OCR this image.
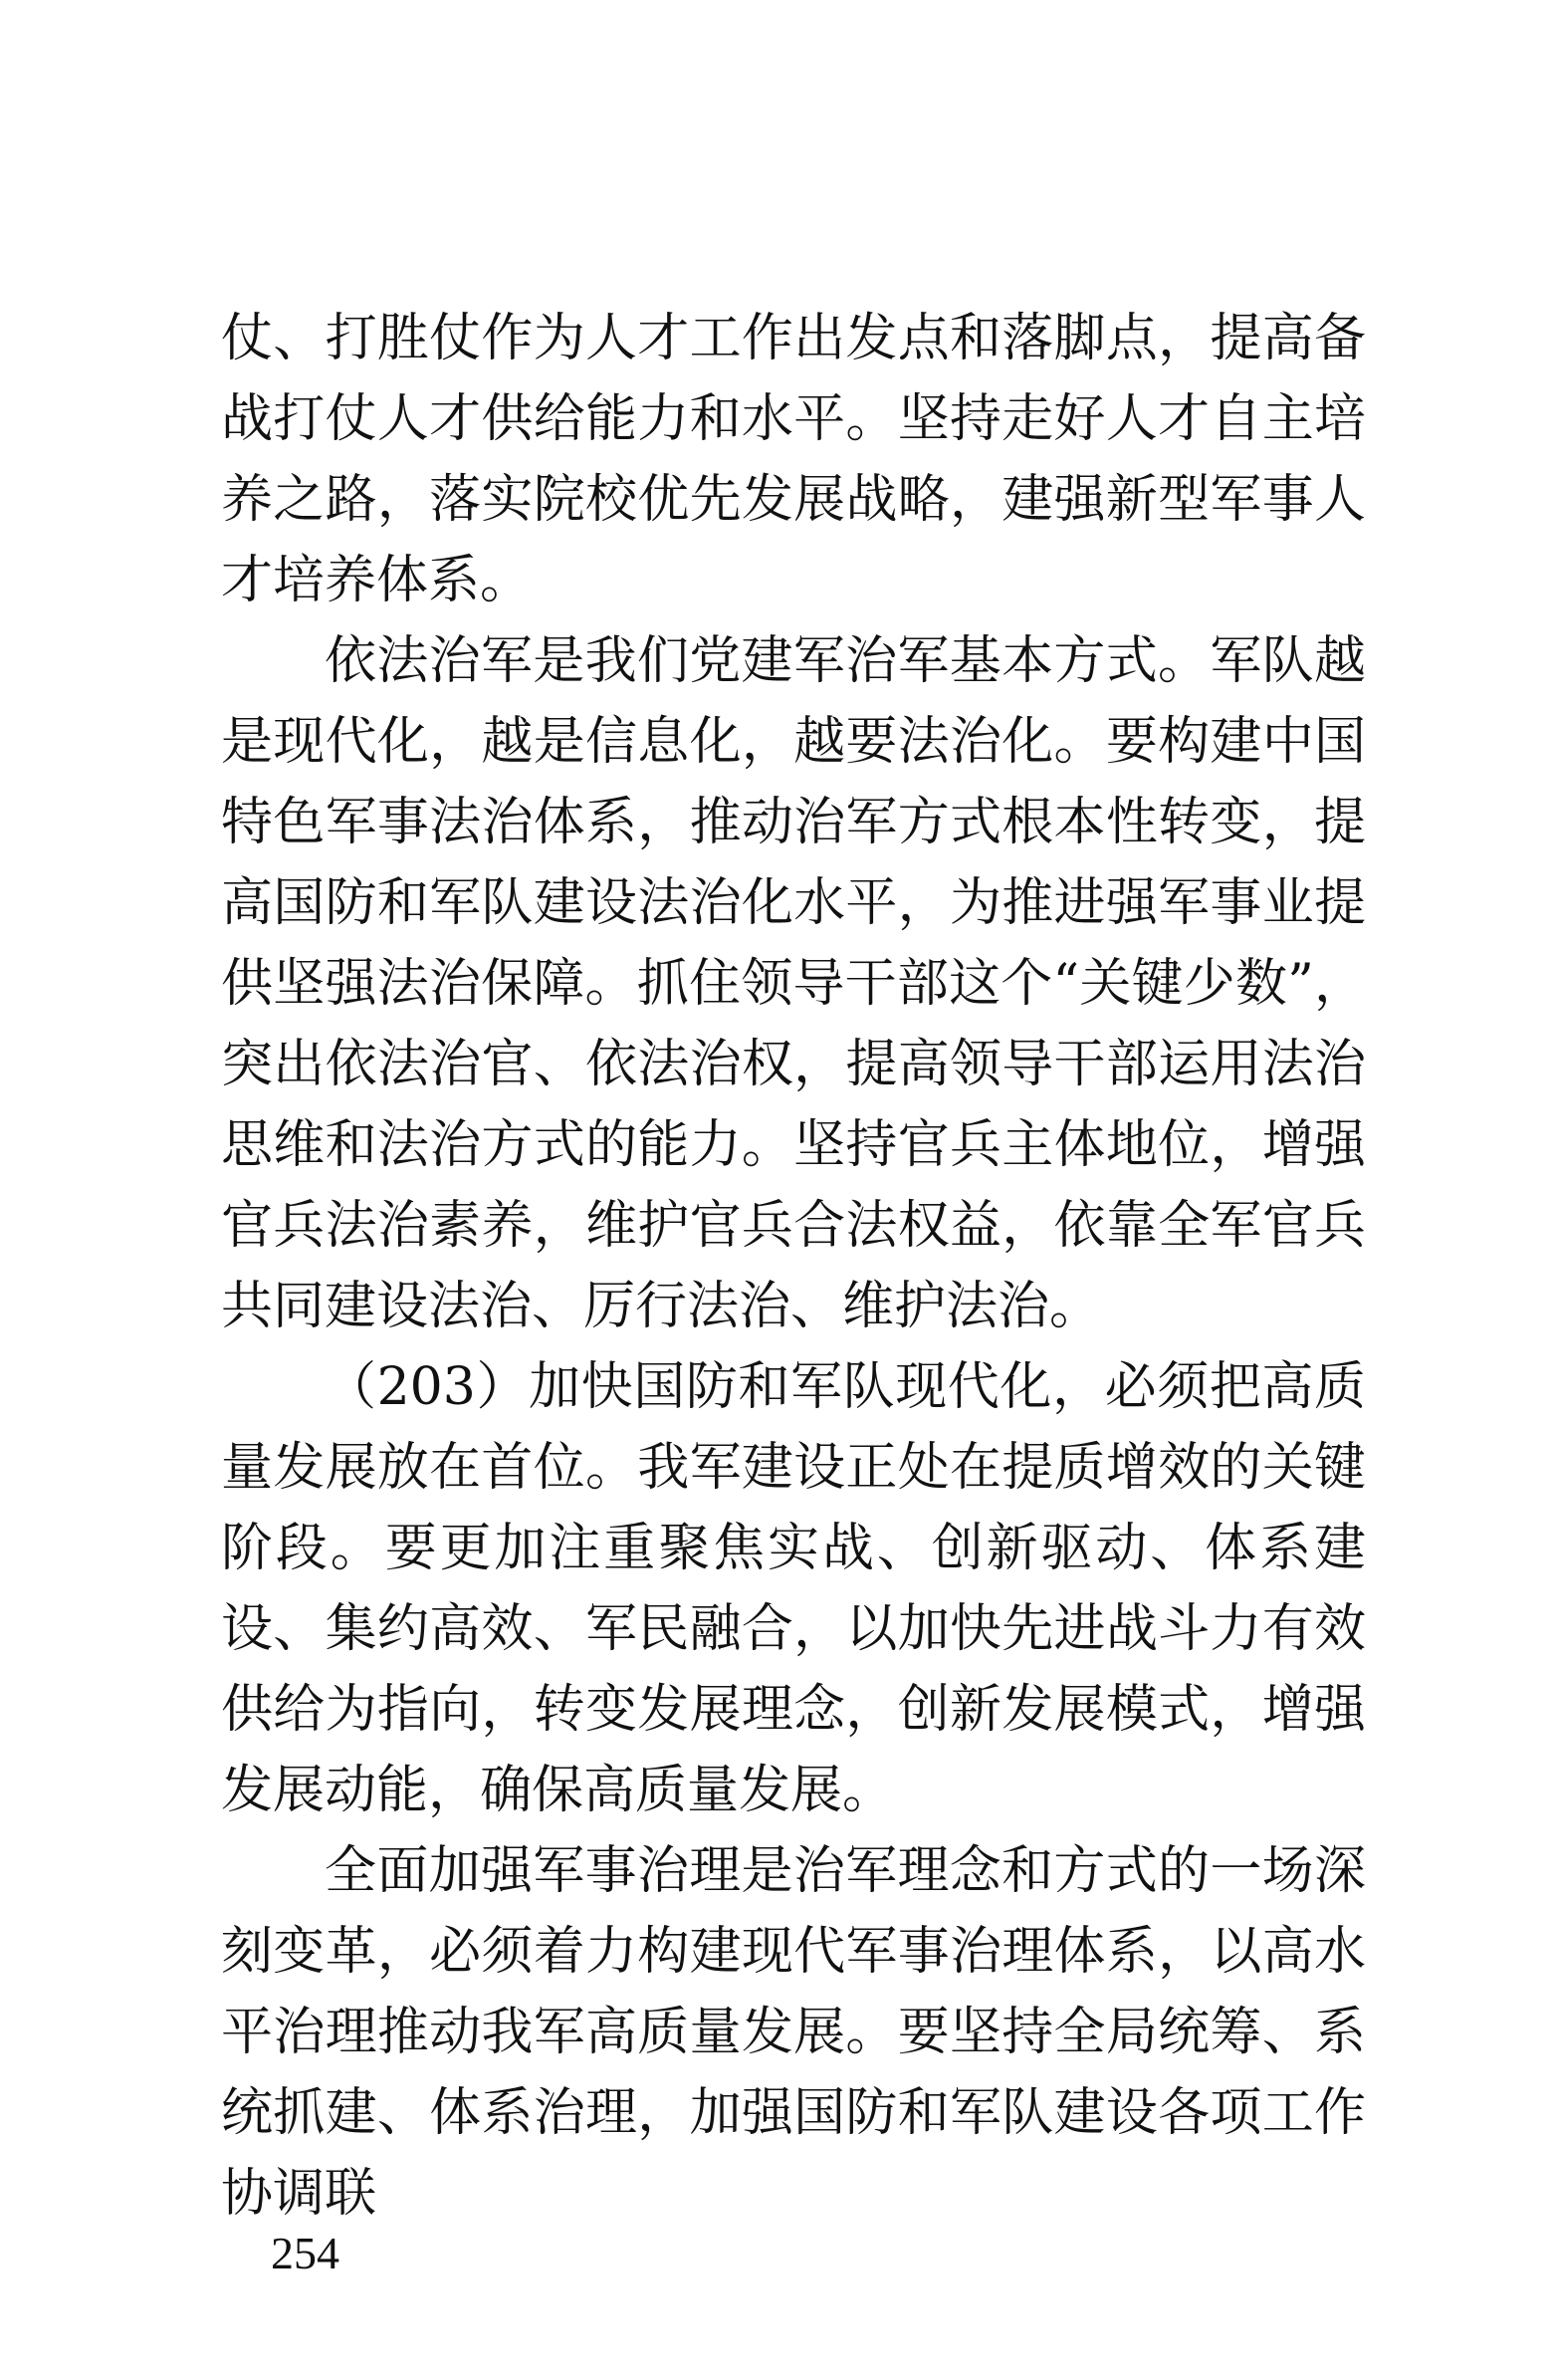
仗、打胜仗作为人才工作出发点和落脚点，提高备战打仗人才供给能力和水平。坚持走好人才自主培养之路，落实院校优先发展战略，建强新型军事人才培养体系。

依法治军是我们党建军治军基本方式。军队越是现代化，越是信息化，越要法治化。要构建中国特色军事法治体系，推动治军方式根本性转变，提高国防和军队建设法治化水平，为推进强军事业提供坚强法治保障。抓住领导干部这个“关键少数”，突出依法治官、依法治权，提高领导干部运用法治思维和法治方式的能力。坚持官兵主体地位，增强官兵法治素养，维护官兵合法权益，依靠全军官兵共同建设法治、厉行法治、维护法治。

（203）加快国防和军队现代化，必须把高质量发展放在首位。我军建设正处在提质增效的关键阶段。要更加注重聚焦实战、创新驱动、体系建设、集约高效、军民融合，以加快先进战斗力有效供给为指向，转变发展理念，创新发展模式，增强发展动能，确保高质量发展。

全面加强军事治理是治军理念和方式的一场深刻变革，必须着力构建现代军事治理体系，以高水平治理推动我军高质量发展。要坚持全局统筹、系统抓建、体系治理，加强国防和军队建设各项工作协调联

254
